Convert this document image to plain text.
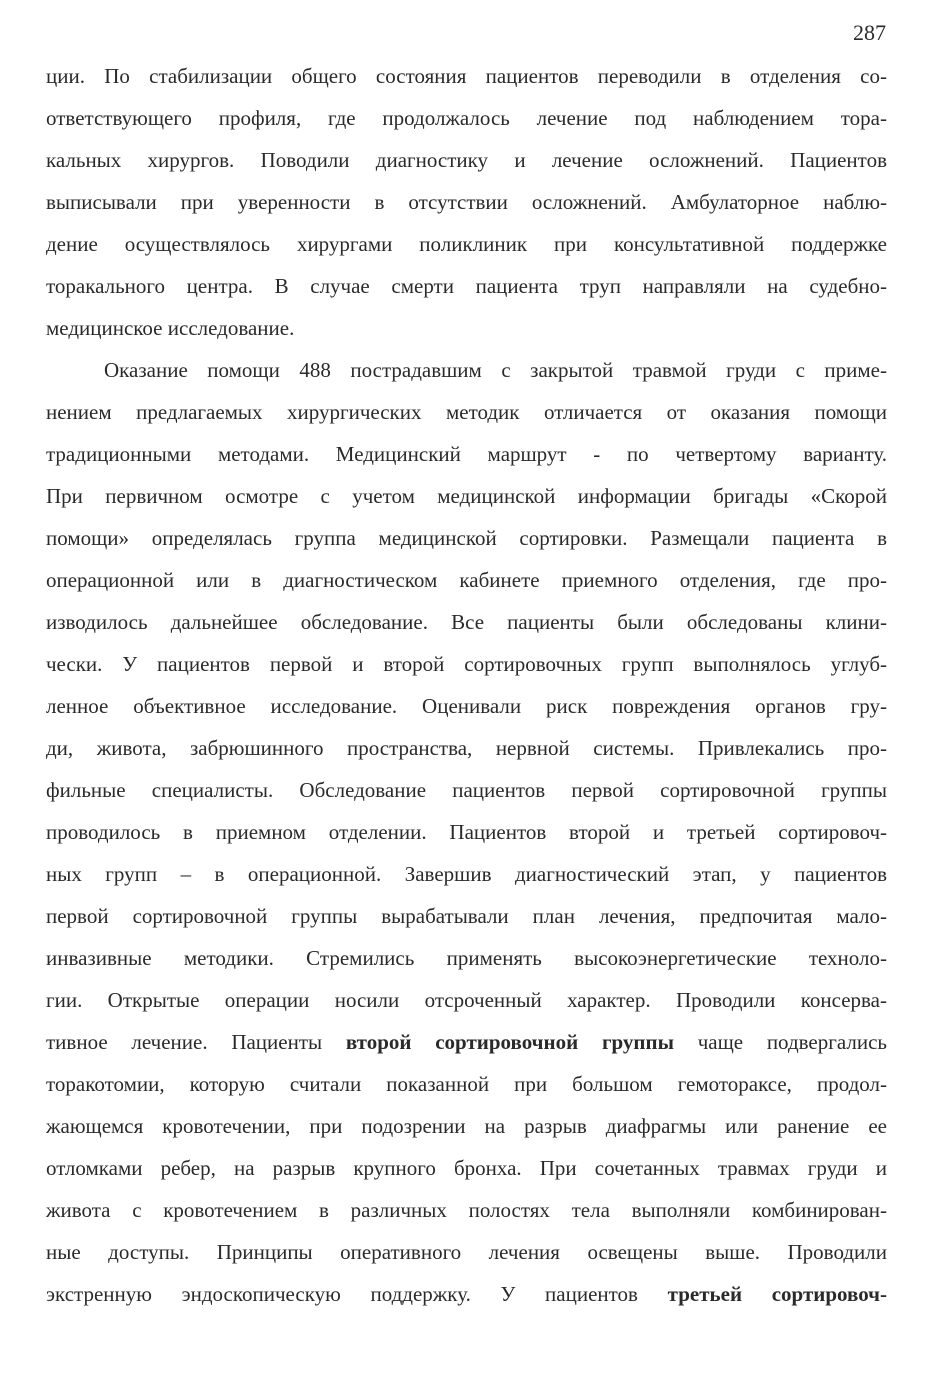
287

ции. По стабилизации общего состояния пациентов переводили в отделения со-
ответствующего профиля, где продолжалось лечение под наблюдением тора-
кальных хирургов. Поводили диагностику и лечение осложнений. Пациентов
выписывали при уверенности в отсутствии осложнений. Амбулаторное наблю-
дение осуществлялось хирургами поликлиник при консультативной поддержке
торакального центра. В случае смерти пациента труп направляли на судебно-
медицинское исследование.

Оказание помощи 488 пострадавшим с закрытой травмой груди с приме-
нением предлагаемых хирургических методик отличается от оказания помощи
традиционными методами. Медицинский маршрут - по четвертому варианту.
При первичном осмотре с учетом медицинской информации бригады «Скорой
помощи» определялась группа медицинской сортировки. Размещали пациента в
операционной или в диагностическом кабинете приемного отделения, где про-
изводилось дальнейшее обследование. Все пациенты были обследованы клини-
чески. У пациентов первой и второй сортировочных групп выполнялось углуб-
ленное объективное исследование. Оценивали риск повреждения органов гру-
ди, живота, забрюшинного пространства, нервной системы. Привлекались про-
фильные специалисты. Обследование пациентов первой сортировочной группы
проводилось в приемном отделении. Пациентов второй и третьей сортировоч-
ных групп – в операционной. Завершив диагностический этап, у пациентов
первой сортировочной группы вырабатывали план лечения, предпочитая мало-
инвазивные методики. Стремились применять высокоэнергетические техноло-
гии. Открытые операции носили отсроченный характер. Проводили консерва-
тивное лечение. Пациенты второй сортировочной группы чаще подвергались
торакотомии, которую считали показанной при большом гемотораксе, продол-
жающемся кровотечении, при подозрении на разрыв диафрагмы или ранение ее
отломками ребер, на разрыв крупного бронха. При сочетанных травмах груди и
живота с кровотечением в различных полостях тела выполняли комбинирован-
ные доступы. Принципы оперативного лечения освещены выше. Проводили
экстренную эндоскопическую поддержку. У пациентов третьей сортировоч-
